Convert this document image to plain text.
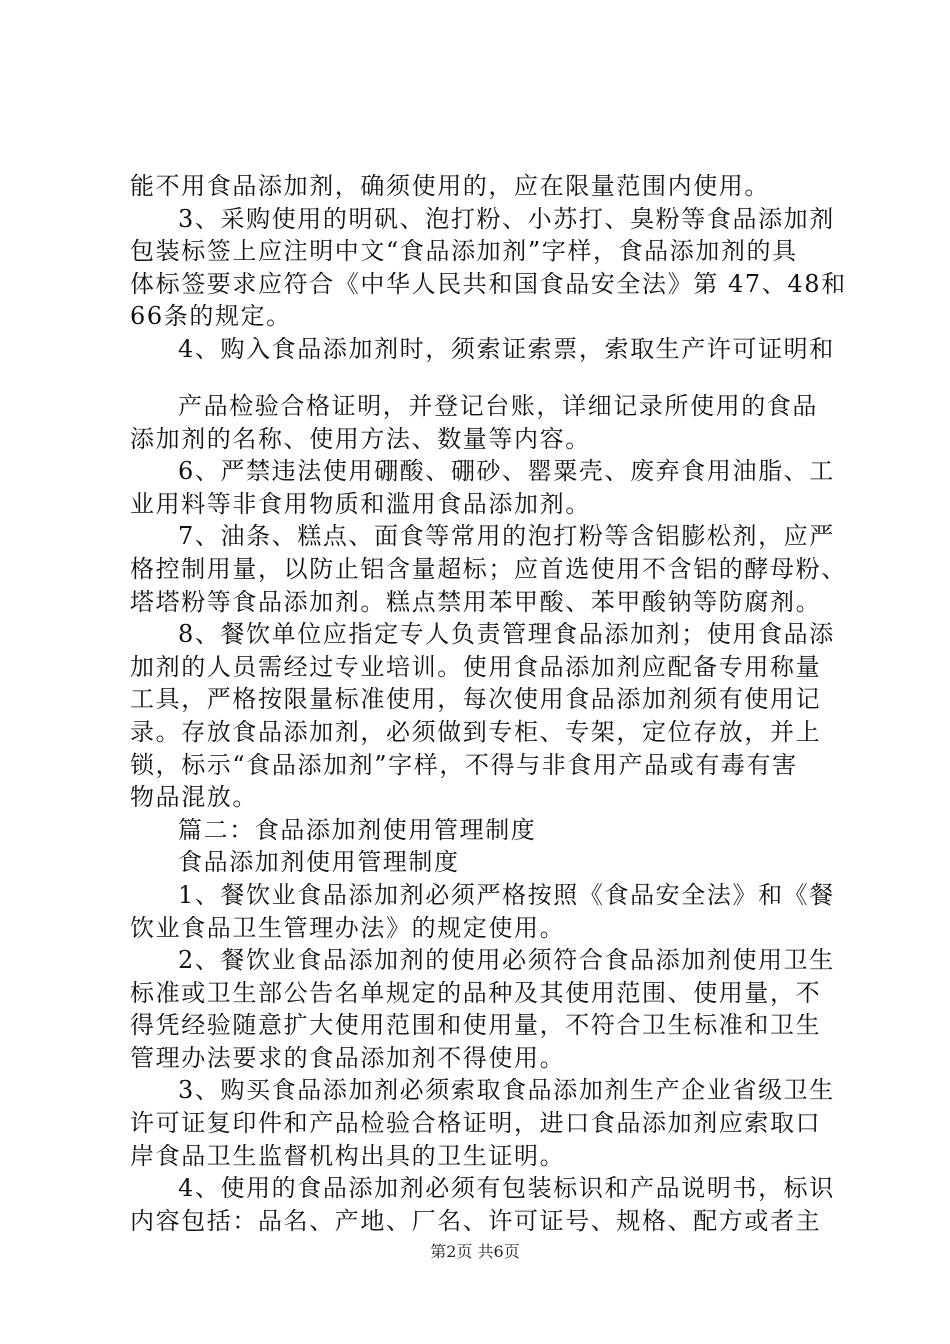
能不用食品添加剂，确须使用的，应在限量范围内使用。
3、采购使用的明矾、泡打粉、小苏打、臭粉等食品添加剂
包装标签上应注明中文“食品添加剂”字样，食品添加剂的具
体标签要求应符合《中华人民共和国食品安全法》第 47、48和
66条的规定。
4、购入食品添加剂时，须索证索票，索取生产许可证明和
产品检验合格证明，并登记台账，详细记录所使用的食品
添加剂的名称、使用方法、数量等内容。
6、严禁违法使用硼酸、硼砂、罂粟壳、废弃食用油脂、工
业用料等非食用物质和滥用食品添加剂。
7、油条、糕点、面食等常用的泡打粉等含铝膨松剂，应严
格控制用量，以防止铝含量超标；应首选使用不含铝的酵母粉、
塔塔粉等食品添加剂。糕点禁用苯甲酸、苯甲酸钠等防腐剂。
8、餐饮单位应指定专人负责管理食品添加剂；使用食品添
加剂的人员需经过专业培训。使用食品添加剂应配备专用称量
工具，严格按限量标准使用，每次使用食品添加剂须有使用记
录。存放食品添加剂，必须做到专柜、专架，定位存放，并上
锁，标示“食品添加剂”字样，不得与非食用产品或有毒有害
物品混放。
篇二：食品添加剂使用管理制度
食品添加剂使用管理制度
1、餐饮业食品添加剂必须严格按照《食品安全法》和《餐
饮业食品卫生管理办法》的规定使用。
2、餐饮业食品添加剂的使用必须符合食品添加剂使用卫生
标准或卫生部公告名单规定的品种及其使用范围、使用量，不
得凭经验随意扩大使用范围和使用量，不符合卫生标准和卫生
管理办法要求的食品添加剂不得使用。
3、购买食品添加剂必须索取食品添加剂生产企业省级卫生
许可证复印件和产品检验合格证明，进口食品添加剂应索取口
岸食品卫生监督机构出具的卫生证明。
4、使用的食品添加剂必须有包装标识和产品说明书，标识
内容包括：品名、产地、厂名、许可证号、规格、配方或者主
第2页 共6页
